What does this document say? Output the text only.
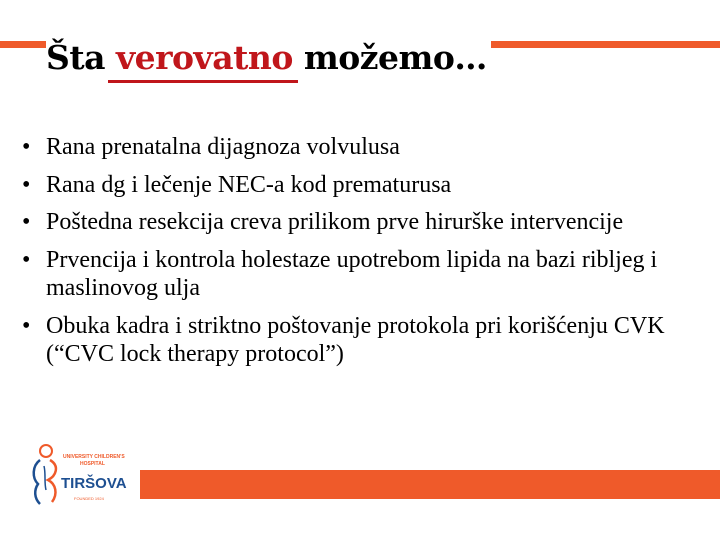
Šta verovatno možemo…
• Rana prenatalna dijagnoza volvulusa
• Rana dg i lečenje NEC-a kod prematurusa
• Poštedna resekcija creva prilikom prve hirurške intervencije
• Prvencija i kontrola holestaze upotrebom lipida na bazi ribljeg i maslinovog ulja
• Obuka kadra i striktno poštovanje protokola pri korišćenju CVK (“CVC lock therapy protocol”)
UNIVERSITY CHILDREN'S
HOSPITAL
TIRŠOVA
FOUNDED 1924
